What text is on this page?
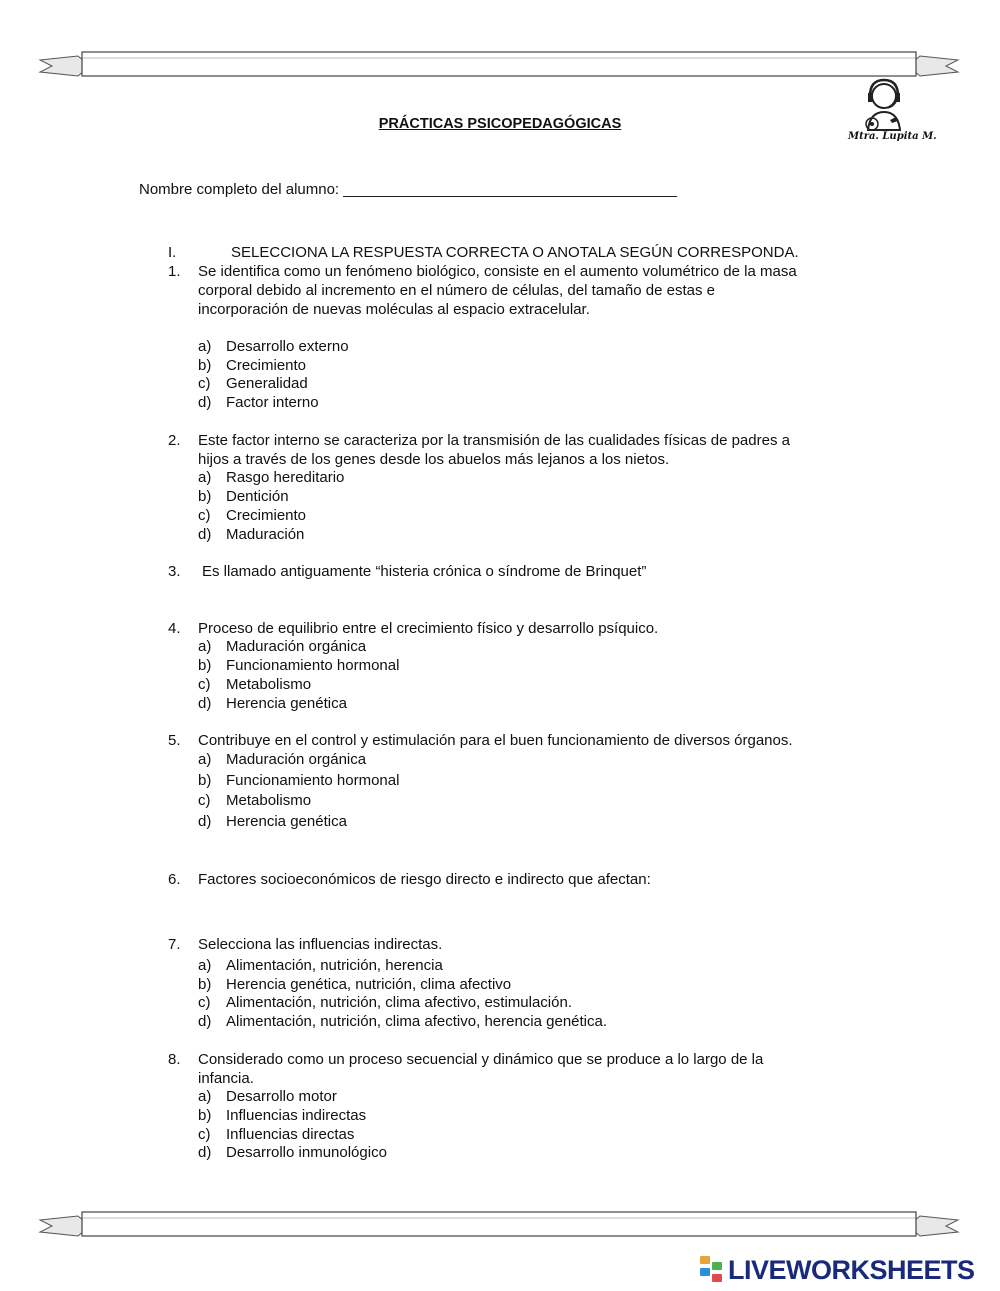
Mtra. Lupita M.
PRÁCTICAS PSICOPEDAGÓGICAS
Nombre completo del alumno: ________________________________________
I.	SELECCIONA LA RESPUESTA CORRECTA O ANOTALA SEGÚN CORRESPONDA.
1. Se identifica como un fenómeno biológico, consiste en el aumento volumétrico de la masa
corporal debido al incremento en el número de células, del tamaño de estas e
incorporación de nuevas moléculas al espacio extracelular.
a) Desarrollo externo
b) Crecimiento
c) Generalidad
d) Factor interno
2. Este factor interno se caracteriza por la transmisión de las cualidades físicas de padres a
hijos a través de los genes desde los abuelos más lejanos a los nietos.
a) Rasgo hereditario
b) Dentición
c) Crecimiento
d) Maduración
3. Es llamado antiguamente “histeria crónica o síndrome de Brinquet”
4. Proceso de equilibrio entre el crecimiento físico y desarrollo psíquico.
a) Maduración orgánica
b) Funcionamiento hormonal
c) Metabolismo
d) Herencia genética
5. Contribuye en el control y estimulación para el buen funcionamiento de diversos órganos.
a) Maduración orgánica
b) Funcionamiento hormonal
c) Metabolismo
d) Herencia genética
6. Factores socioeconómicos de riesgo directo e indirecto que afectan:
7. Selecciona las influencias indirectas.
a) Alimentación, nutrición, herencia
b) Herencia genética, nutrición, clima afectivo
c) Alimentación, nutrición, clima afectivo, estimulación.
d) Alimentación, nutrición, clima afectivo, herencia genética.
8. Considerado como un proceso secuencial y dinámico que se produce a lo largo de la
infancia.
a) Desarrollo motor
b) Influencias indirectas
c) Influencias directas
d) Desarrollo inmunológico
LIVEWORKSHEETS
